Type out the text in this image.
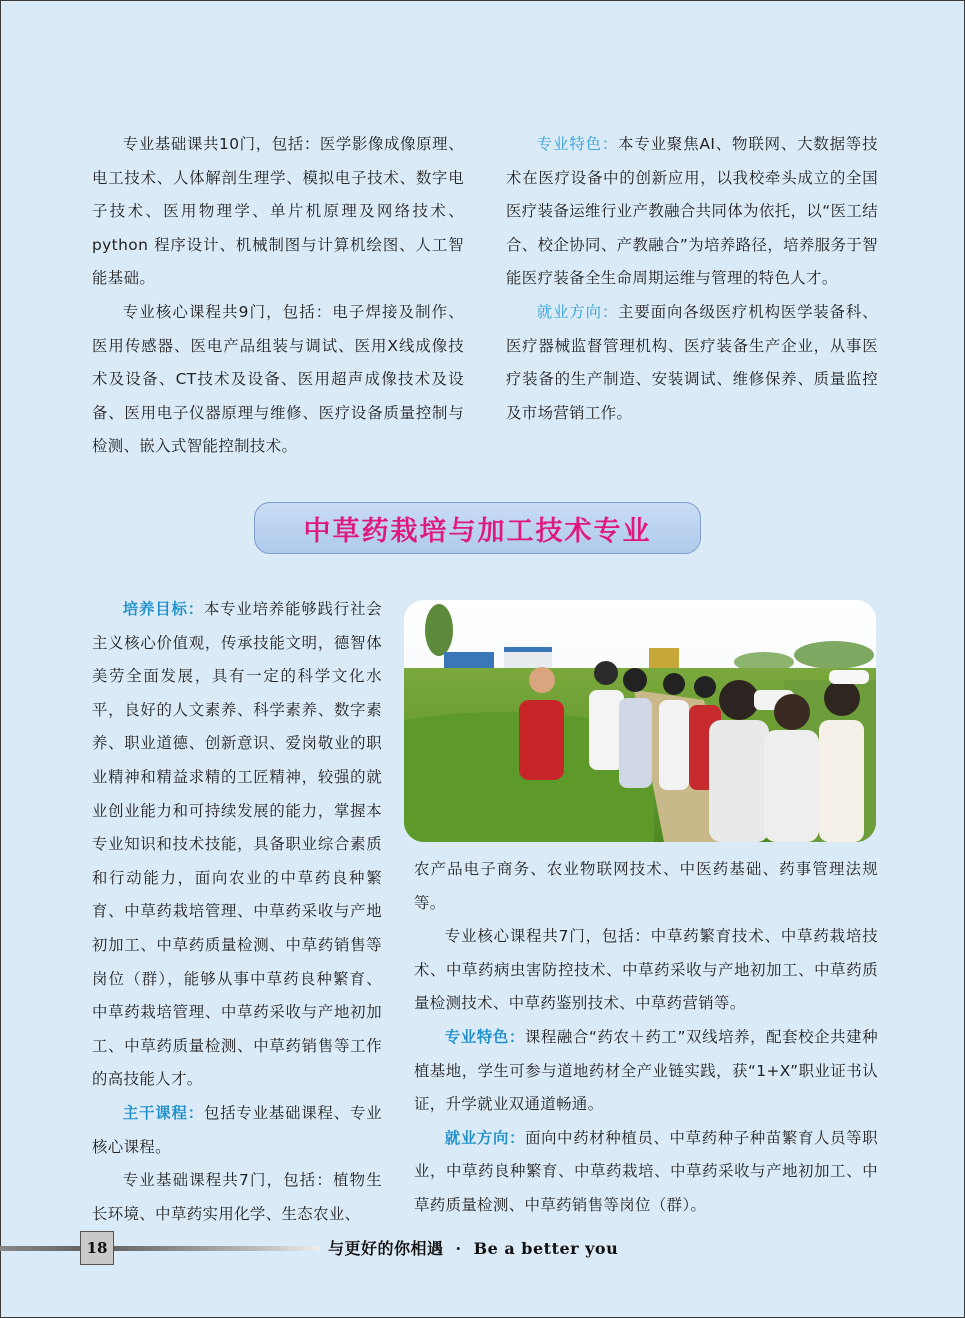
专业基础课共10门，包括：医学影像成像原理、电工技术、人体解剖生理学、模拟电子技术、数字电子技术、医用物理学、单片机原理及网络技术、python 程序设计、机械制图与计算机绘图、人工智能基础。

专业核心课程共9门，包括：电子焊接及制作、医用传感器、医电产品组装与调试、医用X线成像技术及设备、CT技术及设备、医用超声成像技术及设备、医用电子仪器原理与维修、医疗设备质量控制与检测、嵌入式智能控制技术。

专业特色：本专业聚焦AI、物联网、大数据等技术在医疗设备中的创新应用，以我校牵头成立的全国医疗装备运维行业产教融合共同体为依托，以“医工结合、校企协同、产教融合”为培养路径，培养服务于智能医疗装备全生命周期运维与管理的特色人才。

就业方向：主要面向各级医疗机构医学装备科、医疗器械监督管理机构、医疗装备生产企业，从事医疗装备的生产制造、安装调试、维修保养、质量监控及市场营销工作。

中草药栽培与加工技术专业

培养目标：本专业培养能够践行社会主义核心价值观，传承技能文明，德智体美劳全面发展，具有一定的科学文化水平，良好的人文素养、科学素养、数字素养、职业道德、创新意识、爱岗敬业的职业精神和精益求精的工匠精神，较强的就业创业能力和可持续发展的能力，掌握本专业知识和技术技能，具备职业综合素质和行动能力，面向农业的中草药良种繁育、中草药栽培管理、中草药采收与产地初加工、中草药质量检测、中草药销售等岗位（群），能够从事中草药良种繁育、中草药栽培管理、中草药采收与产地初加工、中草药质量检测、中草药销售等工作的高技能人才。

主干课程：包括专业基础课程、专业核心课程。

专业基础课程共7门，包括：植物生长环境、中草药实用化学、生态农业、

农产品电子商务、农业物联网技术、中医药基础、药事管理法规等。

专业核心课程共7门，包括：中草药繁育技术、中草药栽培技术、中草药病虫害防控技术、中草药采收与产地初加工、中草药质量检测技术、中草药鉴别技术、中草药营销等。

专业特色：课程融合“药农＋药工”双线培养，配套校企共建种植基地，学生可参与道地药材全产业链实践，获“1+X”职业证书认证，升学就业双通道畅通。

就业方向：面向中药材种植员、中草药种子种苗繁育人员等职业，中草药良种繁育、中草药栽培、中草药采收与产地初加工、中草药质量检测、中草药销售等岗位（群）。

18	与更好的你相遇 · Be a better you
